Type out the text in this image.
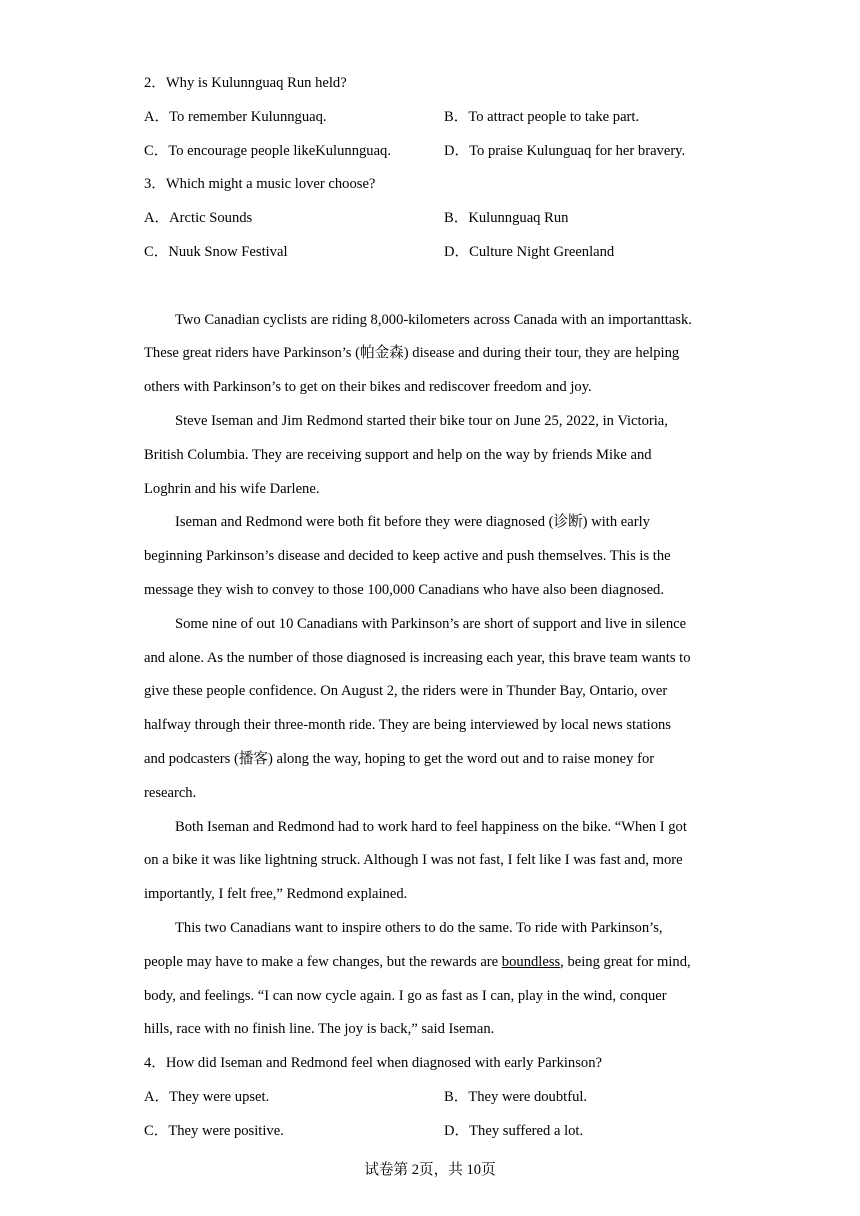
2．Why is Kulunnguaq Run held?
A．To remember Kulunnguaq.	B．To attract people to take part.
C．To encourage people likeKulunnguaq.	D．To praise Kulunguaq for her bravery.
3．Which might a music lover choose?
A．Arctic Sounds	B．Kulunnguaq Run
C．Nuuk Snow Festival	D．Culture Night Greenland
Two Canadian cyclists are riding 8,000-kilometers across Canada with an importanttask.
These great riders have Parkinson’s (帕金森) disease and during their tour, they are helping
others with Parkinson’s to get on their bikes and rediscover freedom and joy.
Steve Iseman and Jim Redmond started their bike tour on June 25, 2022, in Victoria,
British Columbia. They are receiving support and help on the way by friends Mike and
Loghrin and his wife Darlene.
Iseman and Redmond were both fit before they were diagnosed (诊断) with early
beginning Parkinson’s disease and decided to keep active and push themselves. This is the
message they wish to convey to those 100,000 Canadians who have also been diagnosed.
Some nine of out 10 Canadians with Parkinson’s are short of support and live in silence
and alone. As the number of those diagnosed is increasing each year, this brave team wants to
give these people confidence. On August 2, the riders were in Thunder Bay, Ontario, over
halfway through their three-month ride. They are being interviewed by local news stations
and podcasters (播客) along the way, hoping to get the word out and to raise money for
research.
Both Iseman and Redmond had to work hard to feel happiness on the bike. “When I got
on a bike it was like lightning struck. Although I was not fast, I felt like I was fast and, more
importantly, I felt free,” Redmond explained.
This two Canadians want to inspire others to do the same. To ride with Parkinson’s,
people may have to make a few changes, but the rewards are boundless, being great for mind,
body, and feelings. “I can now cycle again. I go as fast as I can, play in the wind, conquer
hills, race with no finish line. The joy is back,” said Iseman.
4．How did Iseman and Redmond feel when diagnosed with early Parkinson?
A．They were upset.	B．They were doubtful.
C．They were positive.	D．They suffered a lot.
试卷第 2页，共 10页
